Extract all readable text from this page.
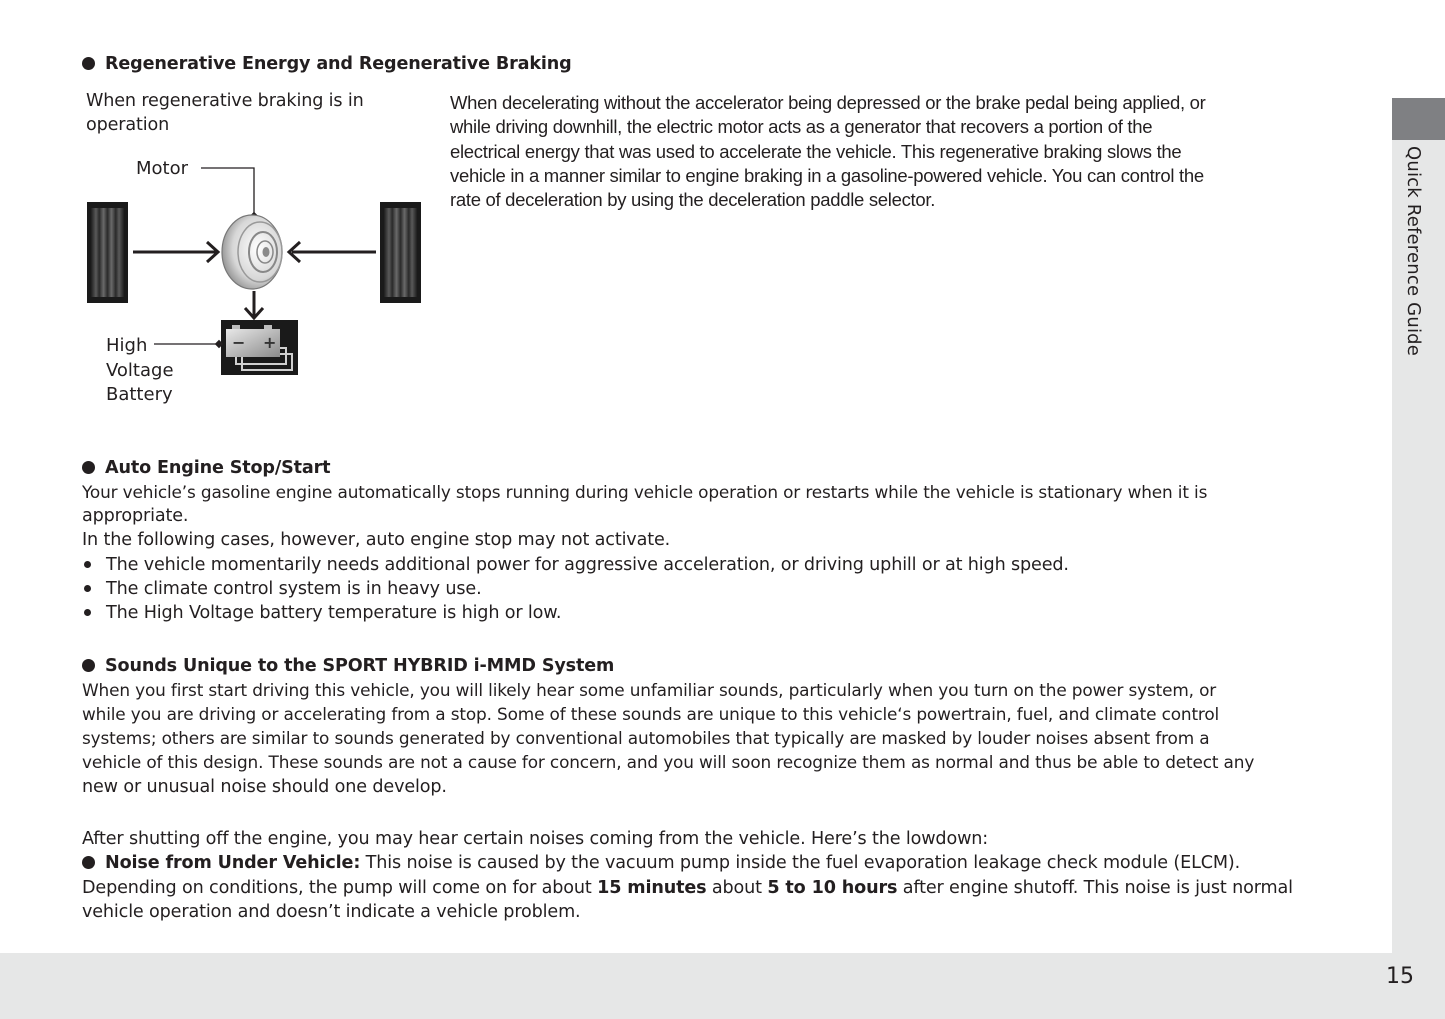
Regenerative Energy and Regenerative Braking
When regenerative braking is in
operation
Motor
− +
High
Voltage
Battery
When decelerating without the accelerator being depressed or the brake pedal being applied, or
while driving downhill, the electric motor acts as a generator that recovers a portion of the
electrical energy that was used to accelerate the vehicle. This regenerative braking slows the
vehicle in a manner similar to engine braking in a gasoline-powered vehicle. You can control the
rate of deceleration by using the deceleration paddle selector.
Auto Engine Stop/Start
Your vehicle’s gasoline engine automatically stops running during vehicle operation or restarts while the vehicle is stationary when it is
appropriate.
In the following cases, however, auto engine stop may not activate.
The vehicle momentarily needs additional power for aggressive acceleration, or driving uphill or at high speed.
The climate control system is in heavy use.
The High Voltage battery temperature is high or low.
Sounds Unique to the SPORT HYBRID i-MMD System
When you first start driving this vehicle, you will likely hear some unfamiliar sounds, particularly when you turn on the power system, or
while you are driving or accelerating from a stop. Some of these sounds are unique to this vehicle‘s powertrain, fuel, and climate control
systems; others are similar to sounds generated by conventional automobiles that typically are masked by louder noises absent from a
vehicle of this design. These sounds are not a cause for concern, and you will soon recognize them as normal and thus be able to detect any
new or unusual noise should one develop.
After shutting off the engine, you may hear certain noises coming from the vehicle. Here’s the lowdown:
Noise from Under Vehicle: This noise is caused by the vacuum pump inside the fuel evaporation leakage check module (ELCM).
Depending on conditions, the pump will come on for about 15 minutes about 5 to 10 hours after engine shutoff. This noise is just normal
vehicle operation and doesn’t indicate a vehicle problem.
Quick Reference Guide
15
